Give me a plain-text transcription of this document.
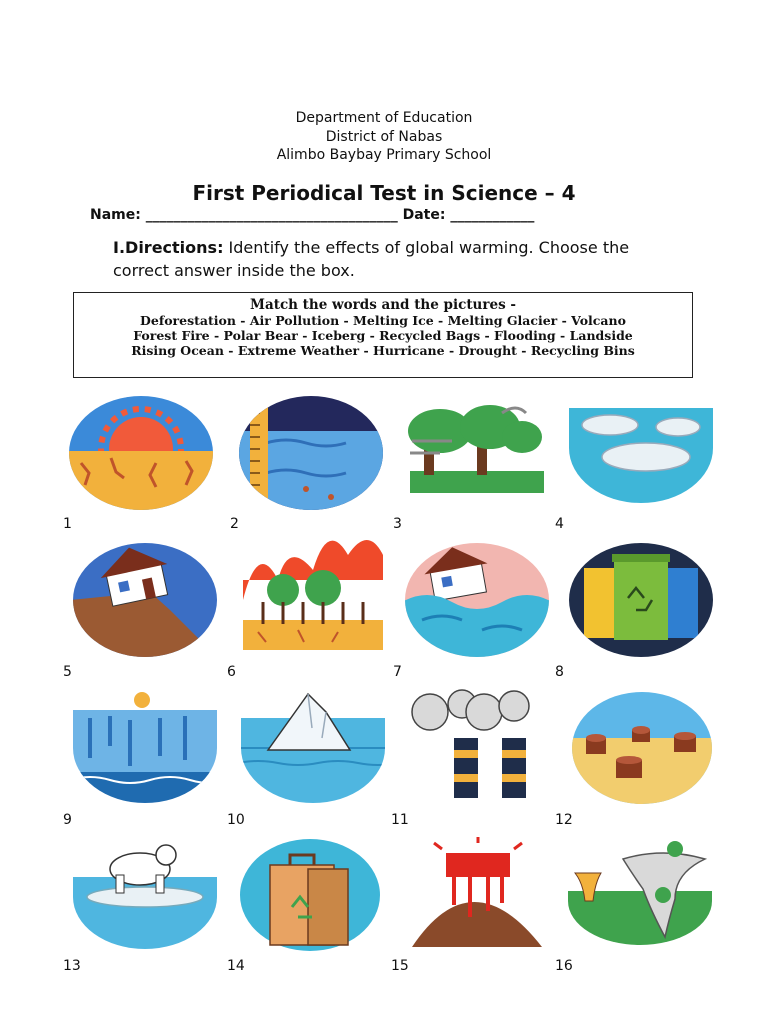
Department of Education
District of Nabas
Alimbo Baybay Primary School
First Periodical Test in Science – 4
Name: ____________________________________ Date: ____________
I.Directions: Identify the effects of global warming. Choose the correct answer inside the box.
Match the words and the pictures -
Deforestation - Air Pollution - Melting Ice - Melting Glacier - Volcano
Forest Fire - Polar Bear - Iceberg - Recycled Bags - Flooding - Landside
Rising Ocean - Extreme Weather - Hurricane - Drought - Recycling Bins
1	2	3	4
5	6	7	8
9	10	11	12
13	14	15	16
